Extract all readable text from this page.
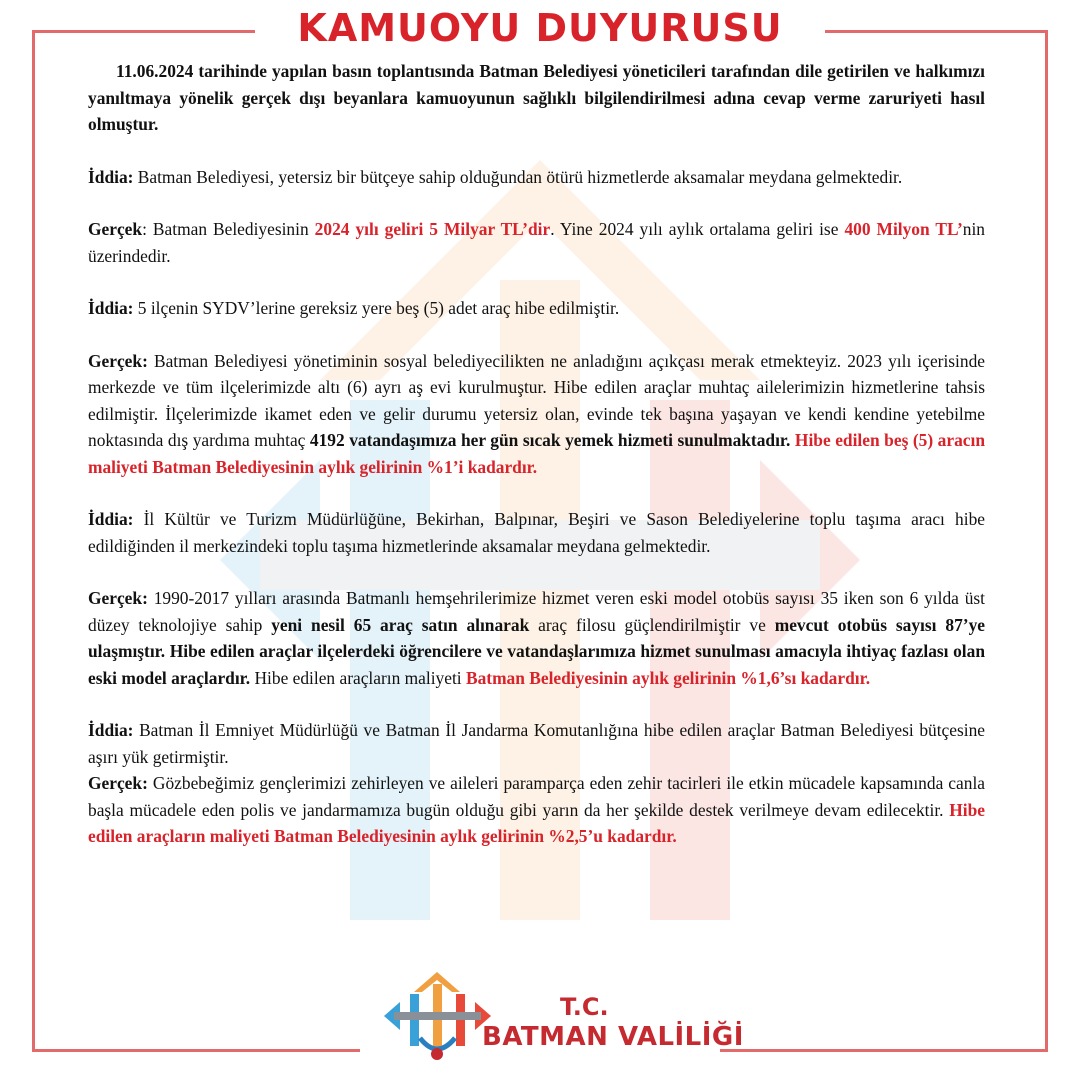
KAMUOYU DUYURUSU

11.06.2024 tarihinde yapılan basın toplantısında Batman Belediyesi yöneticileri tarafından dile getirilen ve halkımızı yanıltmaya yönelik gerçek dışı beyanlara kamuoyunun sağlıklı bilgilendirilmesi adına cevap verme zaruriyeti hasıl olmuştur.

İddia: Batman Belediyesi, yetersiz bir bütçeye sahip olduğundan ötürü hizmetlerde aksamalar meydana gelmektedir.

Gerçek: Batman Belediyesinin 2024 yılı geliri 5 Milyar TL’dir. Yine 2024 yılı aylık ortalama geliri ise 400 Milyon TL’nin üzerindedir.

İddia: 5 ilçenin SYDV’lerine gereksiz yere beş (5) adet araç hibe edilmiştir.

Gerçek: Batman Belediyesi yönetiminin sosyal belediyecilikten ne anladığını açıkçası merak etmekteyiz. 2023 yılı içerisinde merkezde ve tüm ilçelerimizde altı (6) ayrı aş evi kurulmuştur. Hibe edilen araçlar muhtaç ailelerimizin hizmetlerine tahsis edilmiştir. İlçelerimizde ikamet eden ve gelir durumu yetersiz olan, evinde tek başına yaşayan ve kendi kendine yetebilme noktasında dış yardıma muhtaç 4192 vatandaşımıza her gün sıcak yemek hizmeti sunulmaktadır. Hibe edilen beş (5) aracın maliyeti Batman Belediyesinin aylık gelirinin %1’i kadardır.

İddia: İl Kültür ve Turizm Müdürlüğüne, Bekirhan, Balpınar, Beşiri ve Sason Belediyelerine toplu taşıma aracı hibe edildiğinden il merkezindeki toplu taşıma hizmetlerinde aksamalar meydana gelmektedir.

Gerçek: 1990-2017 yılları arasında Batmanlı hemşehrilerimize hizmet veren eski model otobüs sayısı 35 iken son 6 yılda üst düzey teknolojiye sahip yeni nesil 65 araç satın alınarak araç filosu güçlendirilmiştir ve mevcut otobüs sayısı 87’ye ulaşmıştır. Hibe edilen araçlar ilçelerdeki öğrencilere ve vatandaşlarımıza hizmet sunulması amacıyla ihtiyaç fazlası olan eski model araçlardır. Hibe edilen araçların maliyeti Batman Belediyesinin aylık gelirinin %1,6’sı kadardır.

İddia: Batman İl Emniyet Müdürlüğü ve Batman İl Jandarma Komutanlığına hibe edilen araçlar Batman Belediyesi bütçesine aşırı yük getirmiştir.

Gerçek: Gözbebeğimiz gençlerimizi zehirleyen ve aileleri paramparça eden zehir tacirleri ile etkin mücadele kapsamında canla başla mücadele eden polis ve jandarmamıza bugün olduğu gibi yarın da her şekilde destek verilmeye devam edilecektir. Hibe edilen araçların maliyeti Batman Belediyesinin aylık gelirinin %2,5’u kadardır.

T.C.
BATMAN VALİLİĞİ
